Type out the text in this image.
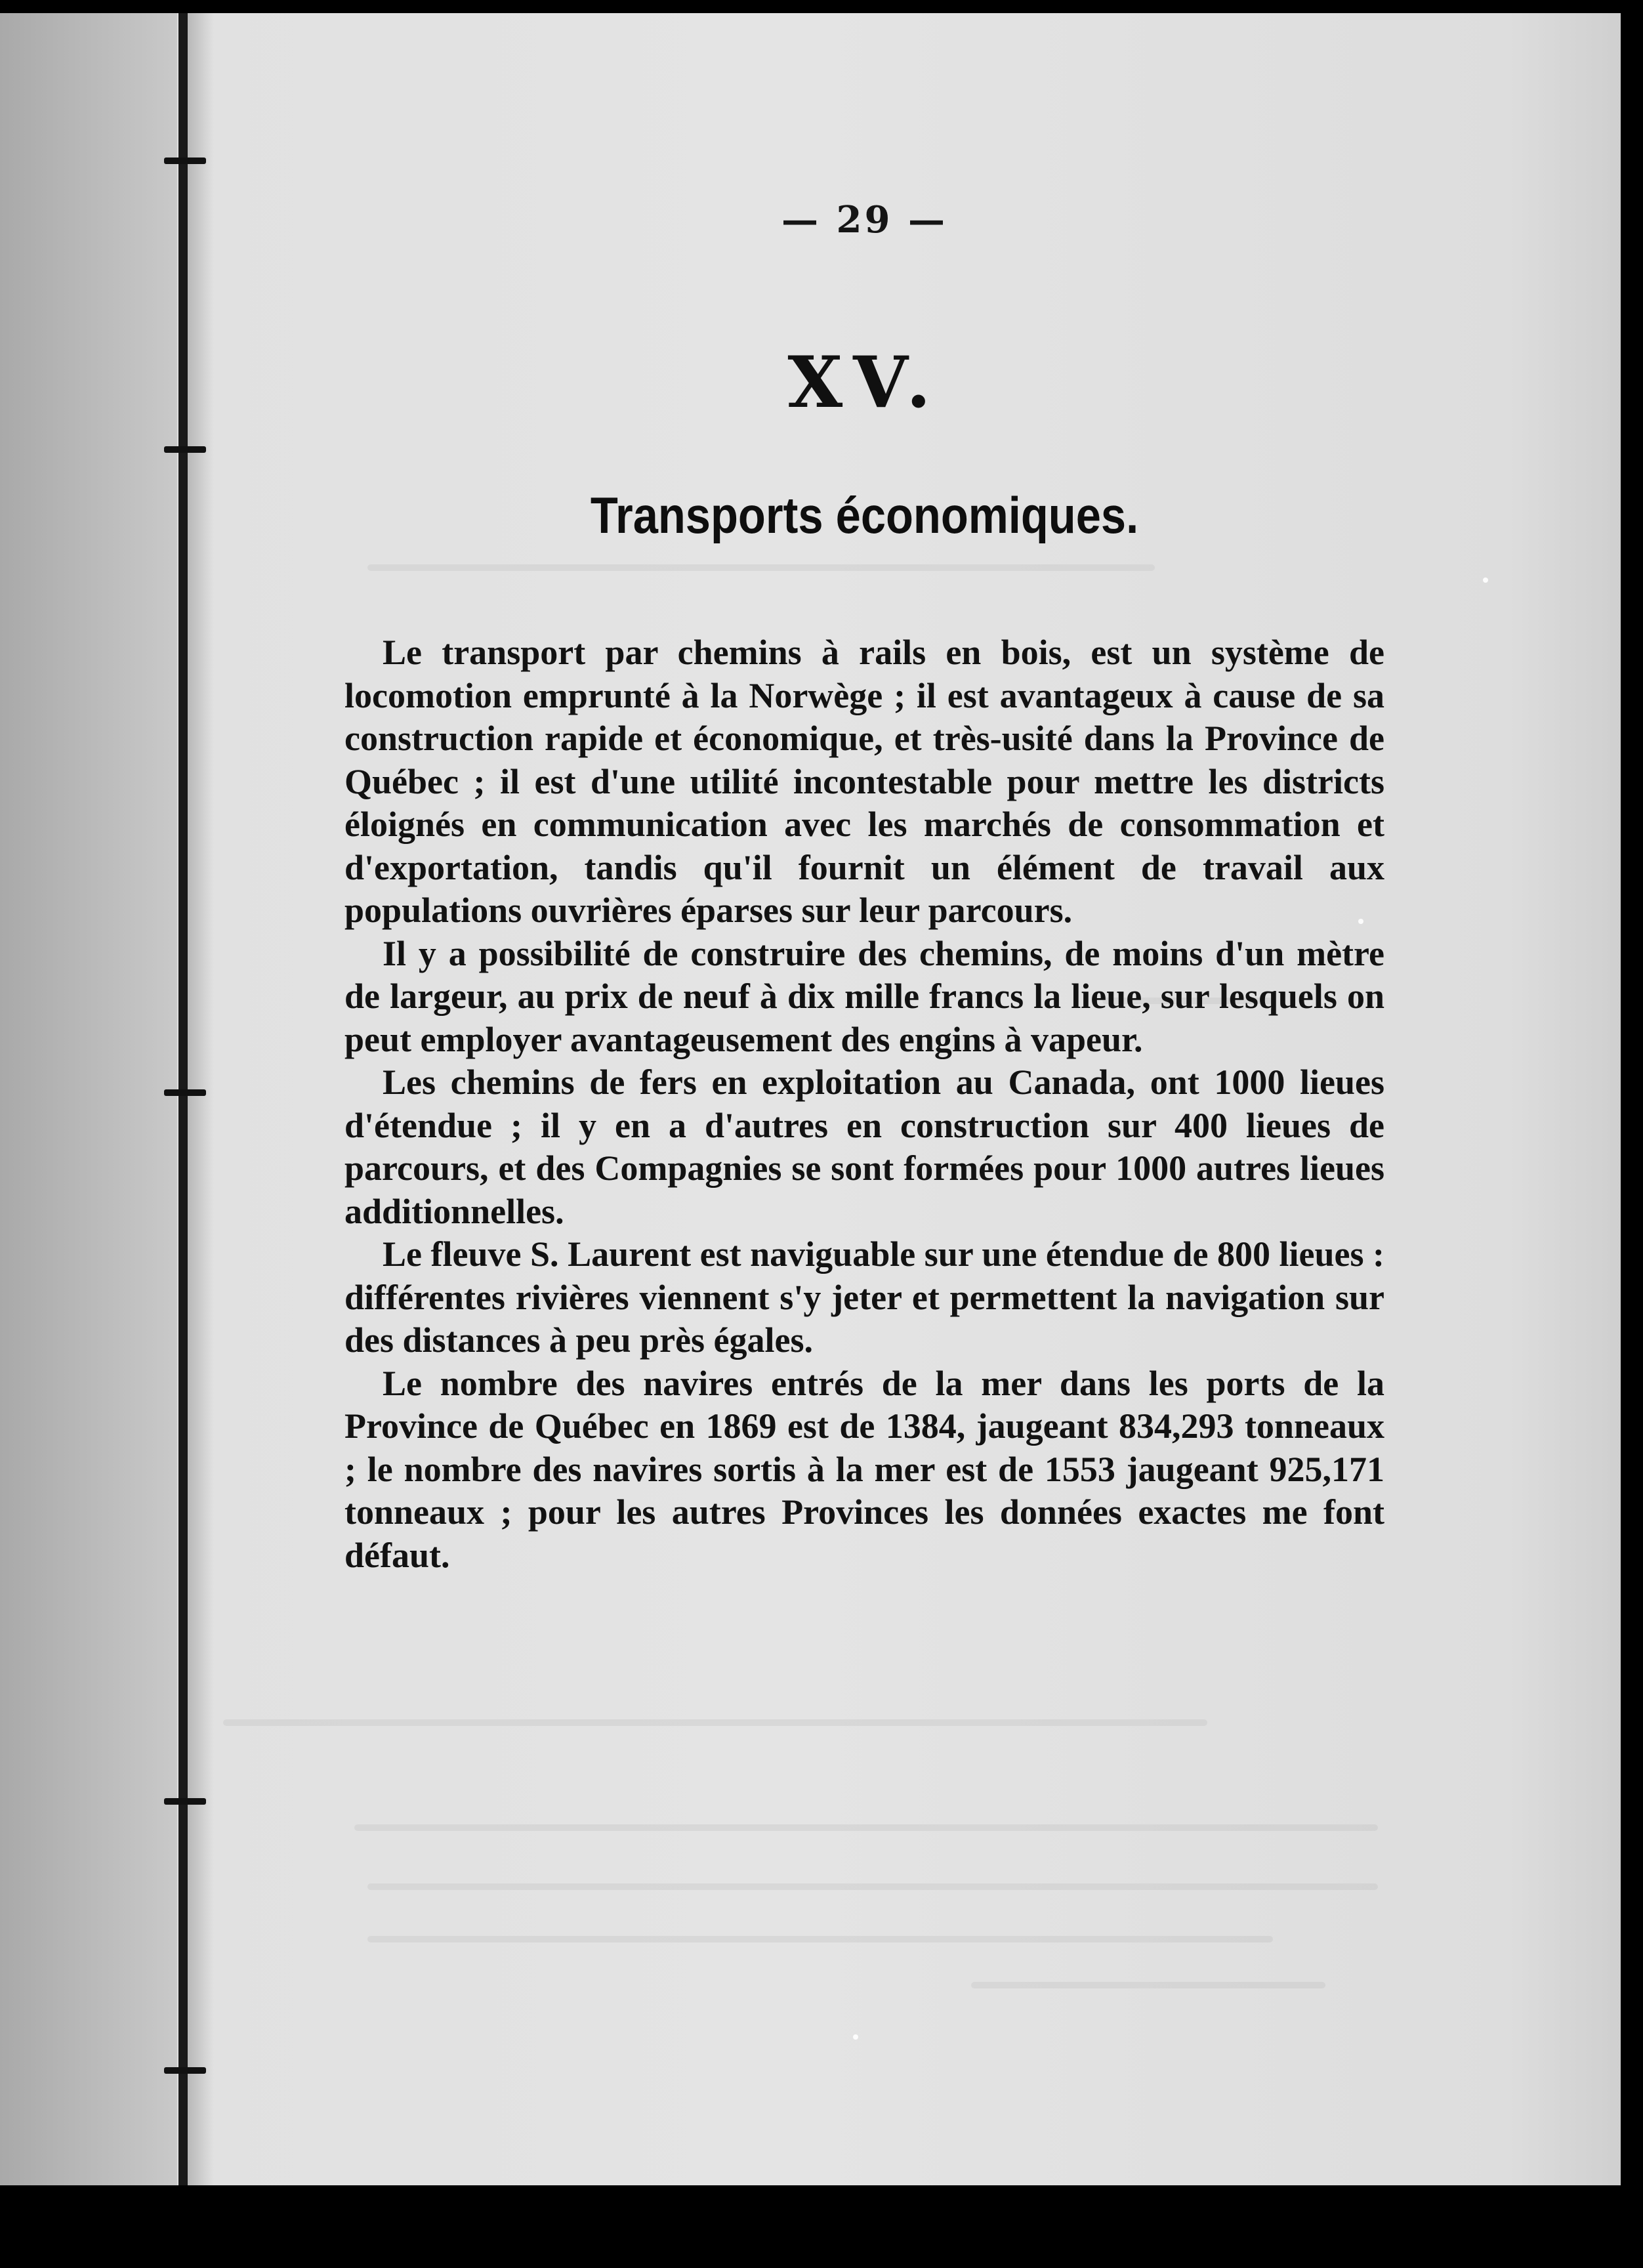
— 29 —
XV.
Transports économiques.

Le transport par chemins à rails en bois, est un système de locomotion emprunté à la Norwège ; il est avantageux à cause de sa construction rapide et économique, et très-usité dans la Province de Québec ; il est d'une utilité incontestable pour mettre les districts éloignés en communication avec les marchés de consommation et d'exportation, tandis qu'il fournit un élément de travail aux populations ouvrières éparses sur leur parcours.

Il y a possibilité de construire des chemins, de moins d'un mètre de largeur, au prix de neuf à dix mille francs la lieue, sur lesquels on peut employer avantageusement des engins à vapeur.

Les chemins de fers en exploitation au Canada, ont 1000 lieues d'étendue ; il y en a d'autres en construction sur 400 lieues de parcours, et des Compagnies se sont formées pour 1000 autres lieues additionnelles.

Le fleuve S. Laurent est naviguable sur une étendue de 800 lieues : différentes rivières viennent s'y jeter et permettent la navigation sur des distances à peu près égales.

Le nombre des navires entrés de la mer dans les ports de la Province de Québec en 1869 est de 1384, jaugeant 834,293 tonneaux ; le nombre des navires sortis à la mer est de 1553 jaugeant 925,171 tonneaux ; pour les autres Provinces les données exactes me font défaut.
